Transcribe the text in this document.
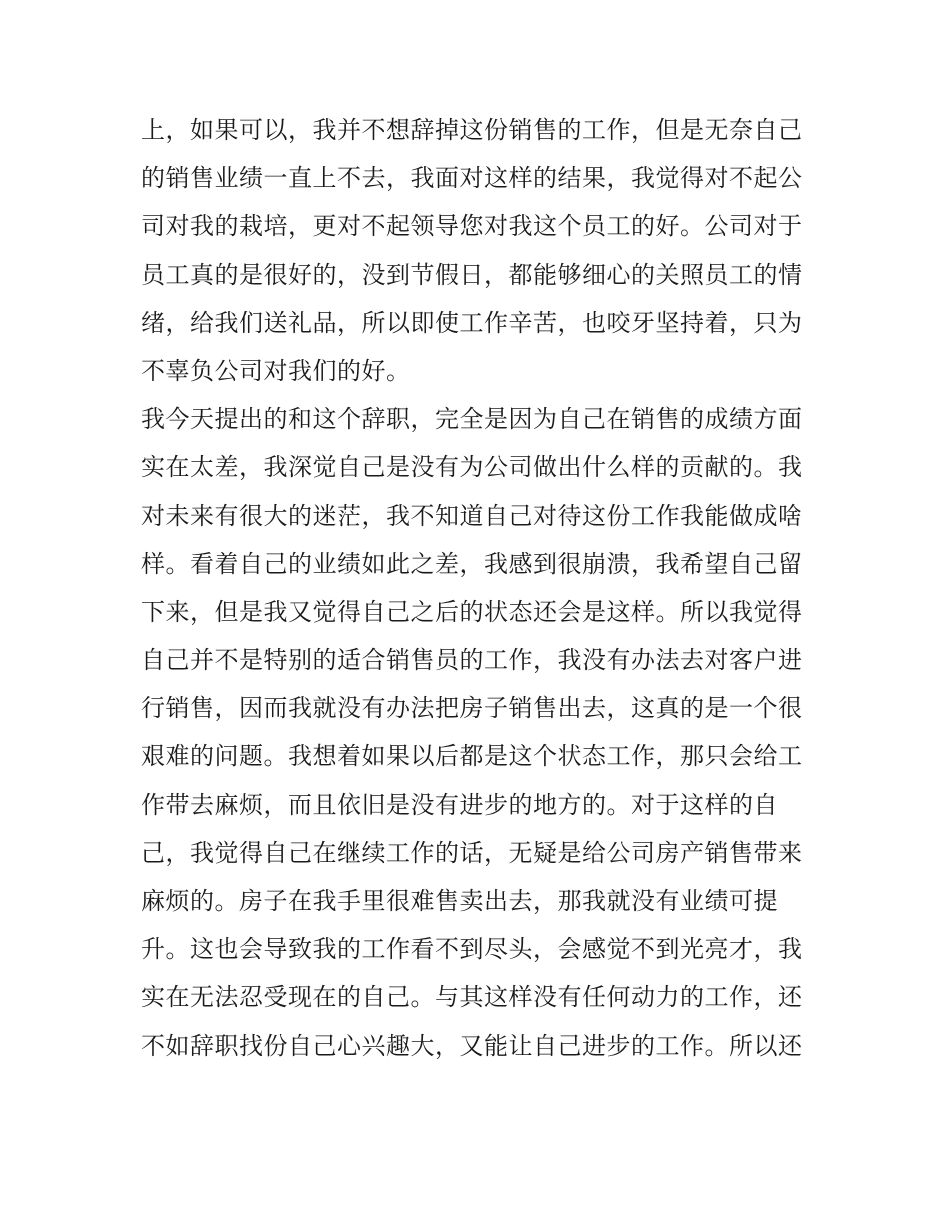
上，如果可以，我并不想辞掉这份销售的工作，但是无奈自己
的销售业绩一直上不去，我面对这样的结果，我觉得对不起公
司对我的栽培，更对不起领导您对我这个员工的好。公司对于
员工真的是很好的，没到节假日，都能够细心的关照员工的情
绪，给我们送礼品，所以即使工作辛苦，也咬牙坚持着，只为
不辜负公司对我们的好。
我今天提出的和这个辞职，完全是因为自己在销售的成绩方面
实在太差，我深觉自己是没有为公司做出什么样的贡献的。我
对未来有很大的迷茫，我不知道自己对待这份工作我能做成啥
样。看着自己的业绩如此之差，我感到很崩溃，我希望自己留
下来，但是我又觉得自己之后的状态还会是这样。所以我觉得
自己并不是特别的适合销售员的工作，我没有办法去对客户进
行销售，因而我就没有办法把房子销售出去，这真的是一个很
艰难的问题。我想着如果以后都是这个状态工作，那只会给工
作带去麻烦，而且依旧是没有进步的地方的。对于这样的自
己，我觉得自己在继续工作的话，无疑是给公司房产销售带来
麻烦的。房子在我手里很难售卖出去，那我就没有业绩可提
升。这也会导致我的工作看不到尽头，会感觉不到光亮才，我
实在无法忍受现在的自己。与其这样没有任何动力的工作，还
不如辞职找份自己心兴趣大，又能让自己进步的工作。所以还
